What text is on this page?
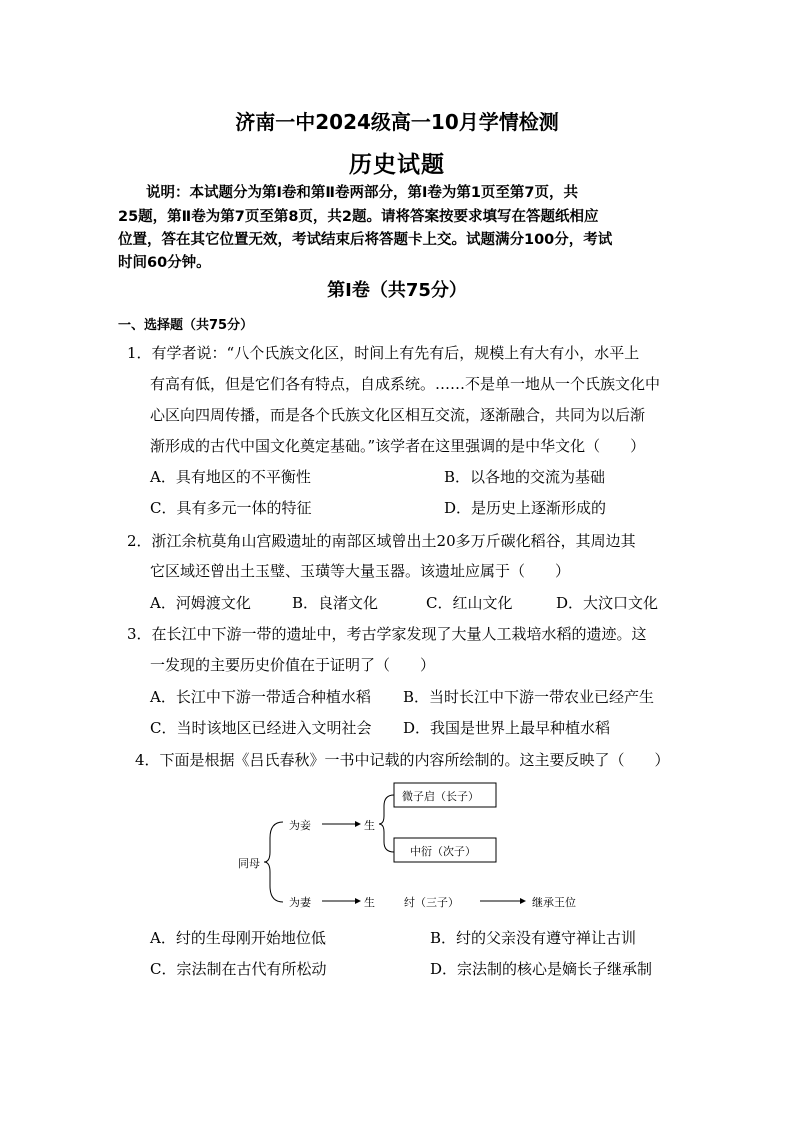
济南一中2024级高一10月学情检测
历史试题
说明：本试题分为第Ⅰ卷和第Ⅱ卷两部分，第Ⅰ卷为第1页至第7页，共
25题，第Ⅱ卷为第7页至第8页，共2题。请将答案按要求填写在答题纸相应
位置，答在其它位置无效，考试结束后将答题卡上交。试题满分100分，考试
时间60分钟。
第Ⅰ卷（共75分）
一、选择题（共75分）
1．有学者说：“八个氏族文化区，时间上有先有后，规模上有大有小，水平上
有高有低，但是它们各有特点，自成系统。……不是单一地从一个氏族文化中
心区向四周传播，而是各个氏族文化区相互交流，逐渐融合，共同为以后渐
渐形成的古代中国文化奠定基础。”该学者在这里强调的是中华文化（　　）
A．具有地区的不平衡性	B．以各地的交流为基础
C．具有多元一体的特征	D．是历史上逐渐形成的
2．浙江余杭莫角山宫殿遗址的南部区域曾出土20多万斤碳化稻谷，其周边其
它区域还曾出土玉璧、玉璜等大量玉器。该遗址应属于（　　）
A．河姆渡文化	B．良渚文化	C．红山文化	D．大汶口文化
3．在长江中下游一带的遗址中，考古学家发现了大量人工栽培水稻的遗迹。这
一发现的主要历史价值在于证明了（　　）
A．长江中下游一带适合种植水稻 B．当时长江中下游一带农业已经产生
C．当时该地区已经进入文明社会 D．我国是世界上最早种植水稻
4．下面是根据《吕氏春秋》一书中记载的内容所绘制的。这主要反映了（　　）
同母
为妾	生
微子启（长子）
中衍（次子）
为妻	生	纣（三子）	继承王位
A．纣的生母刚开始地位低	B．纣的父亲没有遵守禅让古训
C．宗法制在古代有所松动	D．宗法制的核心是嫡长子继承制
